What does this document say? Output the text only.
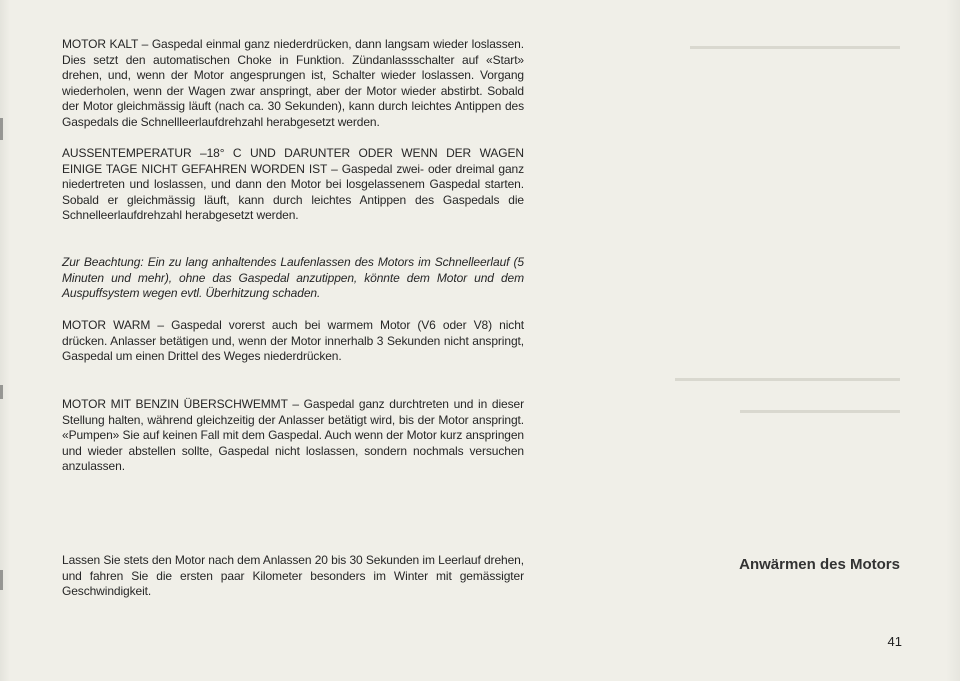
MOTOR KALT – Gaspedal einmal ganz niederdrücken, dann langsam wieder loslassen. Dies setzt den automatischen Choke in Funktion. Zündanlassschalter auf «Start» drehen, und, wenn der Motor angesprungen ist, Schalter wieder loslassen. Vorgang wiederholen, wenn der Wagen zwar anspringt, aber der Motor wieder abstirbt. Sobald der Motor gleichmässig läuft (nach ca. 30 Sekunden), kann durch leichtes Antippen des Gaspedals die Schnellleerlaufdrehzahl herabgesetzt werden.

AUSSENTEMPERATUR –18° C UND DARUNTER ODER WENN DER WAGEN EINIGE TAGE NICHT GEFAHREN WORDEN IST – Gaspedal zwei- oder dreimal ganz niedertreten und loslassen, und dann den Motor bei losgelassenem Gaspedal starten. Sobald er gleichmässig läuft, kann durch leichtes Antippen des Gaspedals die Schnelleerlaufdrehzahl herabgesetzt werden.

Zur Beachtung: Ein zu lang anhaltendes Laufenlassen des Motors im Schnelleerlauf (5 Minuten und mehr), ohne das Gaspedal anzutippen, könnte dem Motor und dem Auspuffsystem wegen evtl. Überhitzung schaden.

MOTOR WARM – Gaspedal vorerst auch bei warmem Motor (V6 oder V8) nicht drücken. Anlasser betätigen und, wenn der Motor innerhalb 3 Sekunden nicht anspringt, Gaspedal um einen Drittel des Weges niederdrücken.

MOTOR MIT BENZIN ÜBERSCHWEMMT – Gaspedal ganz durchtreten und in dieser Stellung halten, während gleichzeitig der Anlasser betätigt wird, bis der Motor anspringt. «Pumpen» Sie auf keinen Fall mit dem Gaspedal. Auch wenn der Motor kurz anspringen und wieder abstellen sollte, Gaspedal nicht loslassen, sondern nochmals versuchen anzulassen.

Lassen Sie stets den Motor nach dem Anlassen 20 bis 30 Sekunden im Leerlauf drehen, und fahren Sie die ersten paar Kilometer besonders im Winter mit gemässigter Geschwindigkeit.

Anwärmen des Motors
41
